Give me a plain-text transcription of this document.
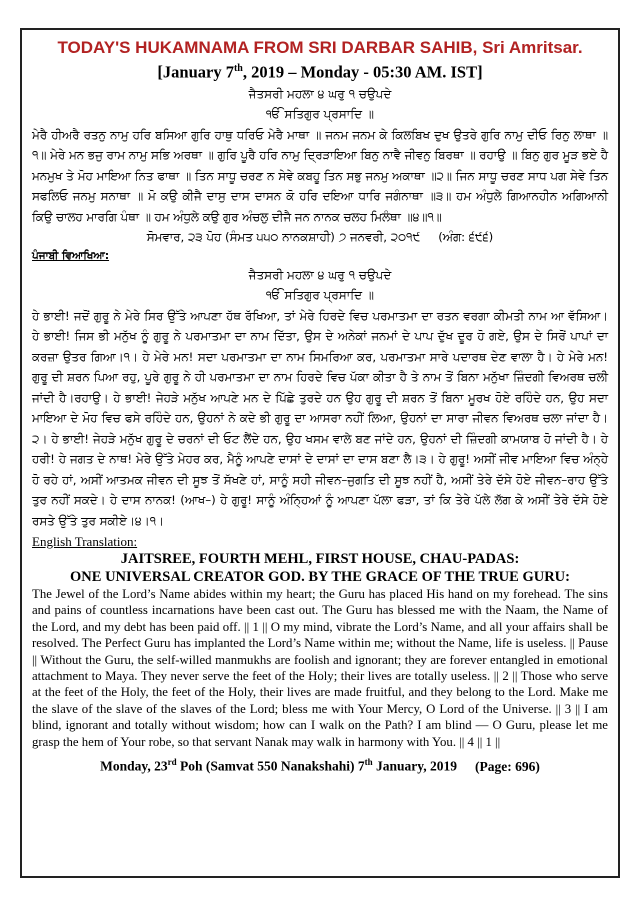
TODAY'S HUKAMNAMA FROM SRI DARBAR SAHIB, Sri Amritsar.
[January 7th, 2019 – Monday - 05:30 AM. IST]
ਜੈਤਸਰੀ ਮਹਲਾ ੪ ਘਰੁ ੧ ਚਉਪਦੇ
ੴ ਸਤਿਗੁਰ ਪ੍ਰਸਾਦਿ ॥
ਮੇਰੈ ਹੀਅਰੈ ਰਤਨੁ ਨਾਮੁ ਹਰਿ ਬਸਿਆ ਗੁਰਿ ਹਾਥੁ ਧਰਿਓ ਮੇਰੈ ਮਾਥਾ ॥ ਜਨਮ ਜਨਮ ਕੇ ਕਿਲਬਿਖ ਦੁਖ ਉਤਰੇ ਗੁਰਿ ਨਾਮੁ ਦੀਓ ਰਿਨੁ ਲਾਥਾ ॥੧॥ ਮੇਰੇ ਮਨ ਭਜੁ ਰਾਮ ਨਾਮੁ ਸਭਿ ਅਰਥਾ ॥ ਗੁਰਿ ਪੂਰੈ ਹਰਿ ਨਾਮੁ ਦ੍ਰਿੜਾਇਆ ਬਿਨੁ ਨਾਵੈ ਜੀਵਨੁ ਬਿਰਥਾ ॥ ਰਹਾਉ ॥ ਬਿਨੁ ਗੁਰ ਮੂੜ ਭਏ ਹੈ ਮਨਮੁਖ ਤੇ ਮੋਹ ਮਾਇਆ ਨਿਤ ਫਾਥਾ ॥ ਤਿਨ ਸਾਧੂ ਚਰਣ ਨ ਸੇਵੇ ਕਬਹੂ ਤਿਨ ਸਭੁ ਜਨਮੁ ਅਕਾਥਾ ॥੨॥ ਜਿਨ ਸਾਧੂ ਚਰਣ ਸਾਧ ਪਗ ਸੇਵੇ ਤਿਨ ਸਫਲਿਓ ਜਨਮੁ ਸਨਾਥਾ ॥ ਮੋ ਕਉ ਕੀਜੈ ਦਾਸੁ ਦਾਸ ਦਾਸਨ ਕੋ ਹਰਿ ਦਇਆ ਧਾਰਿ ਜਗੰਨਾਥਾ ॥੩॥ ਹਮ ਅੰਧੁਲੇ ਗਿਆਨਹੀਨ ਅਗਿਆਨੀ ਕਿਉ ਚਾਲਹ ਮਾਰਗਿ ਪੰਥਾ ॥ ਹਮ ਅੰਧੁਲੇ ਕਉ ਗੁਰ ਅੰਚਲੁ ਦੀਜੈ ਜਨ ਨਾਨਕ ਚਲਹ ਮਿਲੰਥਾ ॥੪॥੧॥
ਸੋਮਵਾਰ, ੨੩ ਪੋਹ (ਸੰਮਤ ੫੫੦ ਨਾਨਕਸ਼ਾਹੀ) ੭ ਜਨਵਰੀ, ੨੦੧੯ (ਅੰਗ: ੬੯੬)
ਪੰਜਾਬੀ ਵਿਆਖਿਆ:
ਜੈਤਸਰੀ ਮਹਲਾ ੪ ਘਰੁ ੧ ਚਉਪਦੇ
ੴ ਸਤਿਗੁਰ ਪ੍ਰਸਾਦਿ ॥
ਹੇ ਭਾਈ! ਜਦੋਂ ਗੁਰੂ ਨੇ ਮੇਰੇ ਸਿਰ ਉੱਤੇ ਆਪਣਾ ਹੱਥ ਰੱਖਿਆ, ਤਾਂ ਮੇਰੇ ਹਿਰਦੇ ਵਿਚ ਪਰਮਾਤਮਾ ਦਾ ਰਤਨ ਵਰਗਾ ਕੀਮਤੀ ਨਾਮ ਆ ਵੱਸਿਆ। ਹੇ ਭਾਈ! ਜਿਸ ਭੀ ਮਨੁੱਖ ਨੂੰ ਗੁਰੂ ਨੇ ਪਰਮਾਤਮਾ ਦਾ ਨਾਮ ਦਿੱਤਾ, ਉਸ ਦੇ ਅਨੇਕਾਂ ਜਨਮਾਂ ਦੇ ਪਾਪ ਦੁੱਖ ਦੂਰ ਹੋ ਗਏ, ਉਸ ਦੇ ਸਿਰੋਂ ਪਾਪਾਂ ਦਾ ਕਰਜ਼ਾ ਉਤਰ ਗਿਆ।੧। ਹੇ ਮੇਰੇ ਮਨ! ਸਦਾ ਪਰਮਾਤਮਾ ਦਾ ਨਾਮ ਸਿਮਰਿਆ ਕਰ, ਪਰਮਾਤਮਾ ਸਾਰੇ ਪਦਾਰਥ ਦੇਣ ਵਾਲਾ ਹੈ। ਹੇ ਮੇਰੇ ਮਨ! ਗੁਰੂ ਦੀ ਸ਼ਰਨ ਪਿਆ ਰਹੁ, ਪੂਰੇ ਗੁਰੂ ਨੇ ਹੀ ਪਰਮਾਤਮਾ ਦਾ ਨਾਮ ਹਿਰਦੇ ਵਿਚ ਪੱਕਾ ਕੀਤਾ ਹੈ ਤੇ ਨਾਮ ਤੋਂ ਬਿਨਾ ਮਨੁੱਖਾ ਜ਼ਿੰਦਗੀ ਵਿਅਰਥ ਚਲੀ ਜਾਂਦੀ ਹੈ।ਰਹਾਉ। ਹੇ ਭਾਈ! ਜੇਹੜੇ ਮਨੁੱਖ ਆਪਣੇ ਮਨ ਦੇ ਪਿੱਛੇ ਤੁਰਦੇ ਹਨ ਉਹ ਗੁਰੂ ਦੀ ਸ਼ਰਨ ਤੋਂ ਬਿਨਾ ਮੂਰਖ ਹੋਏ ਰਹਿੰਦੇ ਹਨ, ਉਹ ਸਦਾ ਮਾਇਆ ਦੇ ਮੋਹ ਵਿਚ ਫਸੇ ਰਹਿੰਦੇ ਹਨ, ਉਹਨਾਂ ਨੇ ਕਦੇ ਭੀ ਗੁਰੂ ਦਾ ਆਸਰਾ ਨਹੀਂ ਲਿਆ, ਉਹਨਾਂ ਦਾ ਸਾਰਾ ਜੀਵਨ ਵਿਅਰਥ ਚਲਾ ਜਾਂਦਾ ਹੈ।੨। ਹੇ ਭਾਈ! ਜੇਹੜੇ ਮਨੁੱਖ ਗੁਰੂ ਦੇ ਚਰਨਾਂ ਦੀ ਓਟ ਲੈਂਦੇ ਹਨ, ਉਹ ਖਸਮ ਵਾਲੇ ਬਣ ਜਾਂਦੇ ਹਨ, ਉਹਨਾਂ ਦੀ ਜ਼ਿੰਦਗੀ ਕਾਮਯਾਬ ਹੋ ਜਾਂਦੀ ਹੈ। ਹੇ ਹਰੀ! ਹੇ ਜਗਤ ਦੇ ਨਾਥ! ਮੇਰੇ ਉੱਤੇ ਮੇਹਰ ਕਰ, ਮੈਨੂੰ ਆਪਣੇ ਦਾਸਾਂ ਦੇ ਦਾਸਾਂ ਦਾ ਦਾਸ ਬਣਾ ਲੈ।੩। ਹੇ ਗੁਰੂ! ਅਸੀਂ ਜੀਵ ਮਾਇਆ ਵਿਚ ਅੰਨ੍ਹੇ ਹੋ ਰਹੇ ਹਾਂ, ਅਸੀਂ ਆਤਮਕ ਜੀਵਨ ਦੀ ਸੂਝ ਤੋਂ ਸੱਖਣੇ ਹਾਂ, ਸਾਨੂੰ ਸਹੀ ਜੀਵਨ–ਜੁਗਤਿ ਦੀ ਸੂਝ ਨਹੀਂ ਹੈ, ਅਸੀਂ ਤੇਰੇ ਦੱਸੇ ਹੋਏ ਜੀਵਨ–ਰਾਹ ਉੱਤੇ ਤੁਰ ਨਹੀਂ ਸਕਦੇ। ਹੇ ਦਾਸ ਨਾਨਕ! (ਆਖ–) ਹੇ ਗੁਰੂ! ਸਾਨੂੰ ਅੰਨ੍ਹਿਆਂ ਨੂੰ ਆਪਣਾ ਪੱਲਾ ਫੜਾ, ਤਾਂ ਕਿ ਤੇਰੇ ਪੱਲੇ ਲੱਗ ਕੇ ਅਸੀਂ ਤੇਰੇ ਦੱਸੇ ਹੋਏ ਰਸਤੇ ਉੱਤੇ ਤੁਰ ਸਕੀਏ।੪।੧।
English Translation:
JAITSREE, FOURTH MEHL, FIRST HOUSE, CHAU-PADAS:
ONE UNIVERSAL CREATOR GOD. BY THE GRACE OF THE TRUE GURU:
The Jewel of the Lord’s Name abides within my heart; the Guru has placed His hand on my forehead. The sins and pains of countless incarnations have been cast out. The Guru has blessed me with the Naam, the Name of the Lord, and my debt has been paid off. || 1 || O my mind, vibrate the Lord’s Name, and all your affairs shall be resolved. The Perfect Guru has implanted the Lord’s Name within me; without the Name, life is useless. || Pause || Without the Guru, the self-willed manmukhs are foolish and ignorant; they are forever entangled in emotional attachment to Maya. They never serve the feet of the Holy; their lives are totally useless. || 2 || Those who serve at the feet of the Holy, the feet of the Holy, their lives are made fruitful, and they belong to the Lord. Make me the slave of the slave of the slaves of the Lord; bless me with Your Mercy, O Lord of the Universe. || 3 || I am blind, ignorant and totally without wisdom; how can I walk on the Path? I am blind — O Guru, please let me grasp the hem of Your robe, so that servant Nanak may walk in harmony with You. || 4 || 1 ||
Monday, 23rd Poh (Samvat 550 Nanakshahi) 7th January, 2019 (Page: 696)
